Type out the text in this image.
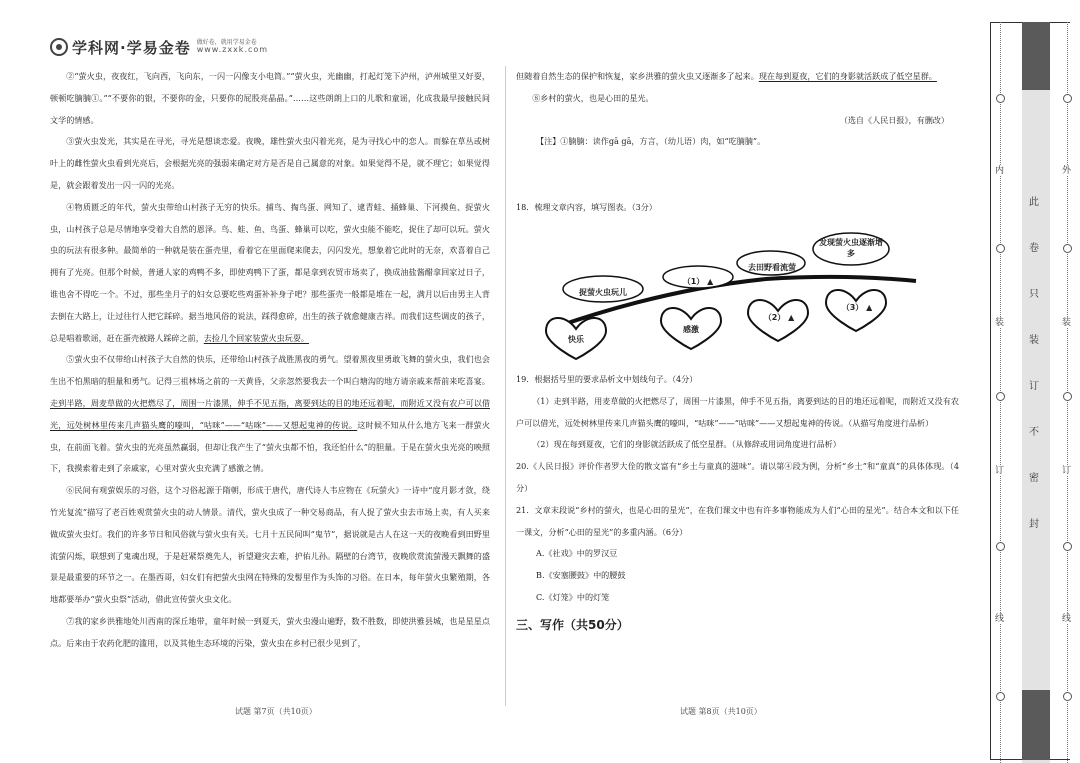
学科网·学易金卷 做好卷，就用学易金卷
www.zxxk.com

②“萤火虫，夜夜红，飞向西，飞向东，一闪一闪像支小电筒。”“萤火虫，光幽幽，打起灯笼下泸州，泸州城里又好耍，顿顿吃腩腩①。”“不要你的银，不要你的金，只要你的屁股亮晶晶。”……这些朗朗上口的儿歌和童谣，化成我最早接触民间文学的情感。

③萤火虫发光，其实是在寻光，寻光是想谈恋爱。夜晚，雄性萤火虫闪着光亮，是为寻找心中的恋人。而躲在草丛或树叶上的雌性萤火虫看到光亮后，会根据光亮的强弱来确定对方是否是自己属意的对象。如果觉得不是，就不理它；如果觉得是，就会跟着发出一闪一闪的光亮。

④物质匮乏的年代，萤火虫带给山村孩子无穷的快乐。捕鸟、掏鸟蛋、网知了、逮青蛙、捅蜂巢、下河摸鱼、捉萤火虫，山村孩子总是尽情地享受着大自然的恩泽。鸟、蛙、鱼、鸟蛋、蜂巢可以吃，萤火虫能不能吃，捉住了却可以玩。萤火虫的玩法有很多种。最简单的一种就是装在蛋壳里，看着它在里面爬来爬去，闪闪发光，想象着它此时的无奈，欢喜着自己拥有了光亮。但那个时候，普通人家的鸡鸭不多，即使鸡鸭下了蛋，都是拿到农贸市场卖了，换成油盐酱醋拿回家过日子，谁也舍不得吃一个。不过，那些坐月子的妇女总要吃些鸡蛋补补身子吧？那些蛋壳一般都是堆在一起，满月以后由男主人背去倒在大路上，让过往行人把它踩碎。据当地风俗的说法，踩得愈碎，出生的孩子就愈健康吉祥。而我们这些调皮的孩子，总是唱着歌谣，赶在蛋壳被路人踩碎之前，去捡几个回家装萤火虫玩耍。

⑤萤火虫不仅带给山村孩子大自然的快乐，还带给山村孩子战胜黑夜的勇气。望着黑夜里勇敢飞舞的萤火虫，我们也会生出不怕黑暗的胆量和勇气。记得三祖林场之前的一天黄昏，父亲忽然要我去一个叫白塘沟的地方请亲戚来帮前来吃喜宴。走到半路，周麦草做的火把燃尽了，周围一片漆黑，伸手不见五指，离要到达的目的地还远着呢，而附近又没有农户可以借光，远处树林里传来几声猫头鹰的嚎叫，“咕咪”——“咕咪”——又想起鬼神的传说。这时候不知从什么地方飞来一群萤火虫，在前面飞着。萤火虫的光亮虽然赢弱，但却让我产生了“萤火虫都不怕，我还怕什么”的胆量。于是在萤火虫光亮的映照下，我摸索着走到了亲戚家，心里对萤火虫充满了感激之情。

⑥民间有观萤娱乐的习俗，这个习俗起源于隋朝，形成于唐代，唐代诗人韦应物在《玩萤火》一诗中“度月影才敛，绕竹光复流”描写了老百姓观赏萤火虫的动人情景。清代，萤火虫成了一种交易商品，有人捉了萤火虫去市场上卖，有人买来做成萤火虫灯。我们的许多节日和风俗就与萤火虫有关。七月十五民间叫“鬼节”，据说就是古人在这一天的夜晚看到田野里流萤闪烁，联想到了鬼魂出现，于是赶紧祭奠先人，祈望避灾去难，护佑儿孙。隔壁的台湾节，夜晚欣赏流萤漫天飘舞的盛景是最重要的环节之一。在墨西哥，妇女们有把萤火虫网在特殊的发髻里作为头饰的习俗。在日本，每年萤火虫繁殖期，各地都要举办“萤火虫祭”活动，借此宣传萤火虫文化。

⑦我的家乡洪雅地处川西南的深丘地带，童年时候一到夏天，萤火虫漫山遍野，数不胜数，即使洪雅县城，也是星星点点。后来由于农药化肥的滥用，以及其他生态环境的污染，萤火虫在乡村已很少见到了，

但随着自然生态的保护和恢复，家乡洪雅的萤火虫又逐渐多了起来。现在每到夏夜，它们的身影就活跃成了低空星群。

⑧乡村的萤火，也是心田的星光。

（选自《人民日报》，有删改）

【注】①腩腩：读作gā gā，方言，（幼儿语）肉，如“吃腩腩”。

18．梳理文章内容，填写图表。（3分）

捉萤火虫玩儿
（1） ▲
去田野看流萤
发现萤火虫逐渐增多
快乐
感激
（2） ▲
（3） ▲

19．根据括号里的要求品析文中划线句子。（4分）

（1）走到半路，用麦草做的火把燃尽了，周围一片漆黑，伸手不见五指，离要到达的目的地还远着呢，而附近又没有农户可以借光，远处树林里传来几声猫头鹰的嚎叫，“咕咪”——“咕咪”——又想起鬼神的传说。（从描写角度进行品析）

（2）现在每到夏夜，它们的身影就活跃成了低空星群。（从修辞或用词角度进行品析）

20.《人民日报》评价作者罗大佺的散文富有“乡土与童真的滋味”。请以第④段为例，分析“乡土”和“童真”的具体体现。（4分）

21．文章末段说“乡村的萤火，也是心田的星光”，在我们课文中也有许多事物能成为人们“心田的星光”。结合本文和以下任一课文，分析“心田的星光”的多重内涵。（6分）

A.《社戏》中的罗汉豆

B.《安塞腰鼓》中的腰鼓

C.《灯笼》中的灯笼

三、写作（共50分）
试题 第7页（共10页）	试题 第8页（共10页）
内
装
订
线
外
装
订
线
此
卷
只
装
订
不
密
封
